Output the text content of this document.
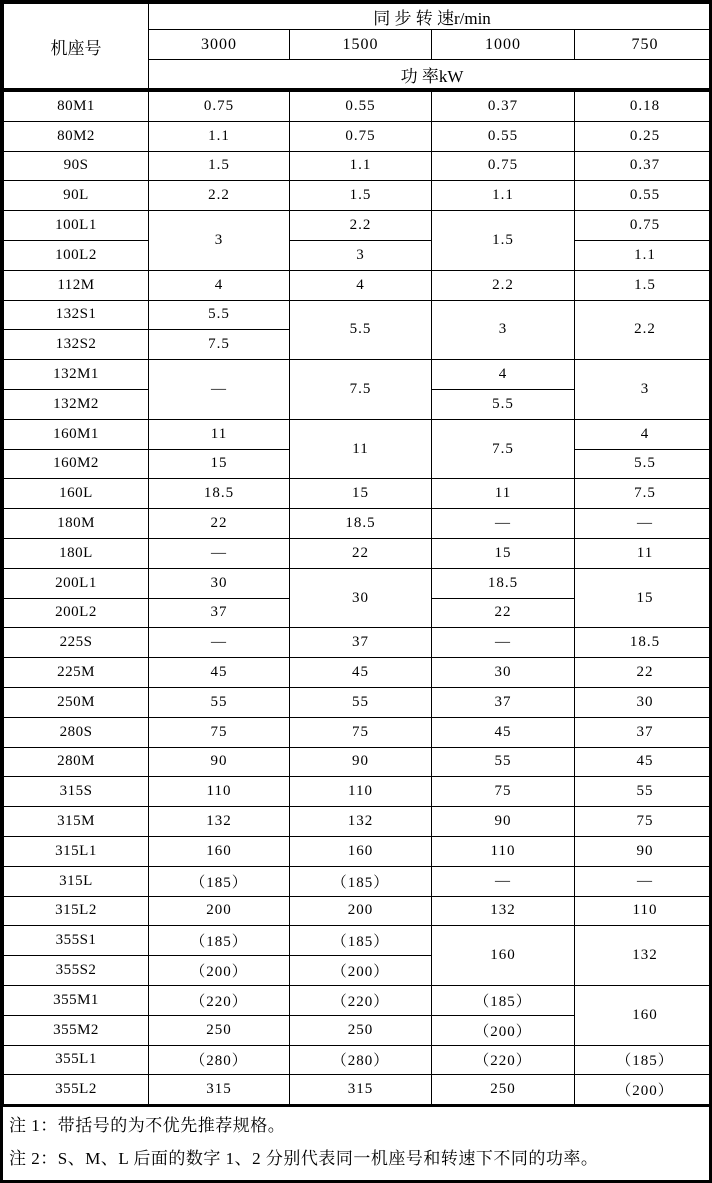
机座号	同 步 转 速r/min			
	3000	1500	1000	750
	功 率kW			
80M1	0.75	0.55	0.37	0.18
80M2	1.1	0.75	0.55	0.25
90S	1.5	1.1	0.75	0.37
90L	2.2	1.5	1.1	0.55
100L1	3	2.2	1.5	0.75
100L2		3		1.1
112M	4	4	2.2	1.5
132S1	5.5	5.5	3	2.2
132S2	7.5			
132M1	—	7.5	4	3
132M2			5.5	
160M1	11	11	7.5	4
160M2	15			5.5
160L	18.5	15	11	7.5
180M	22	18.5	—	—
180L	—	22	15	11
200L1	30	30	18.5	15
200L2	37		22	
225S	—	37	—	18.5
225M	45	45	30	22
250M	55	55	37	30
280S	75	75	45	37
280M	90	90	55	45
315S	110	110	75	55
315M	132	132	90	75
315L1	160	160	110	90
315L	（185）	（185）	—	—
315L2	200	200	132	110
355S1	（185）	（185）	160	132
355S2	（200）	（200）		
355M1	（220）	（220）	（185）	160
355M2	250	250	（200）	
355L1	（280）	（280）	（220）	（185）
355L2	315	315	250	（200）
注 1：带括号的为不优先推荐规格。
注 2：S、M、L 后面的数字 1、2 分别代表同一机座号和转速下不同的功率。
